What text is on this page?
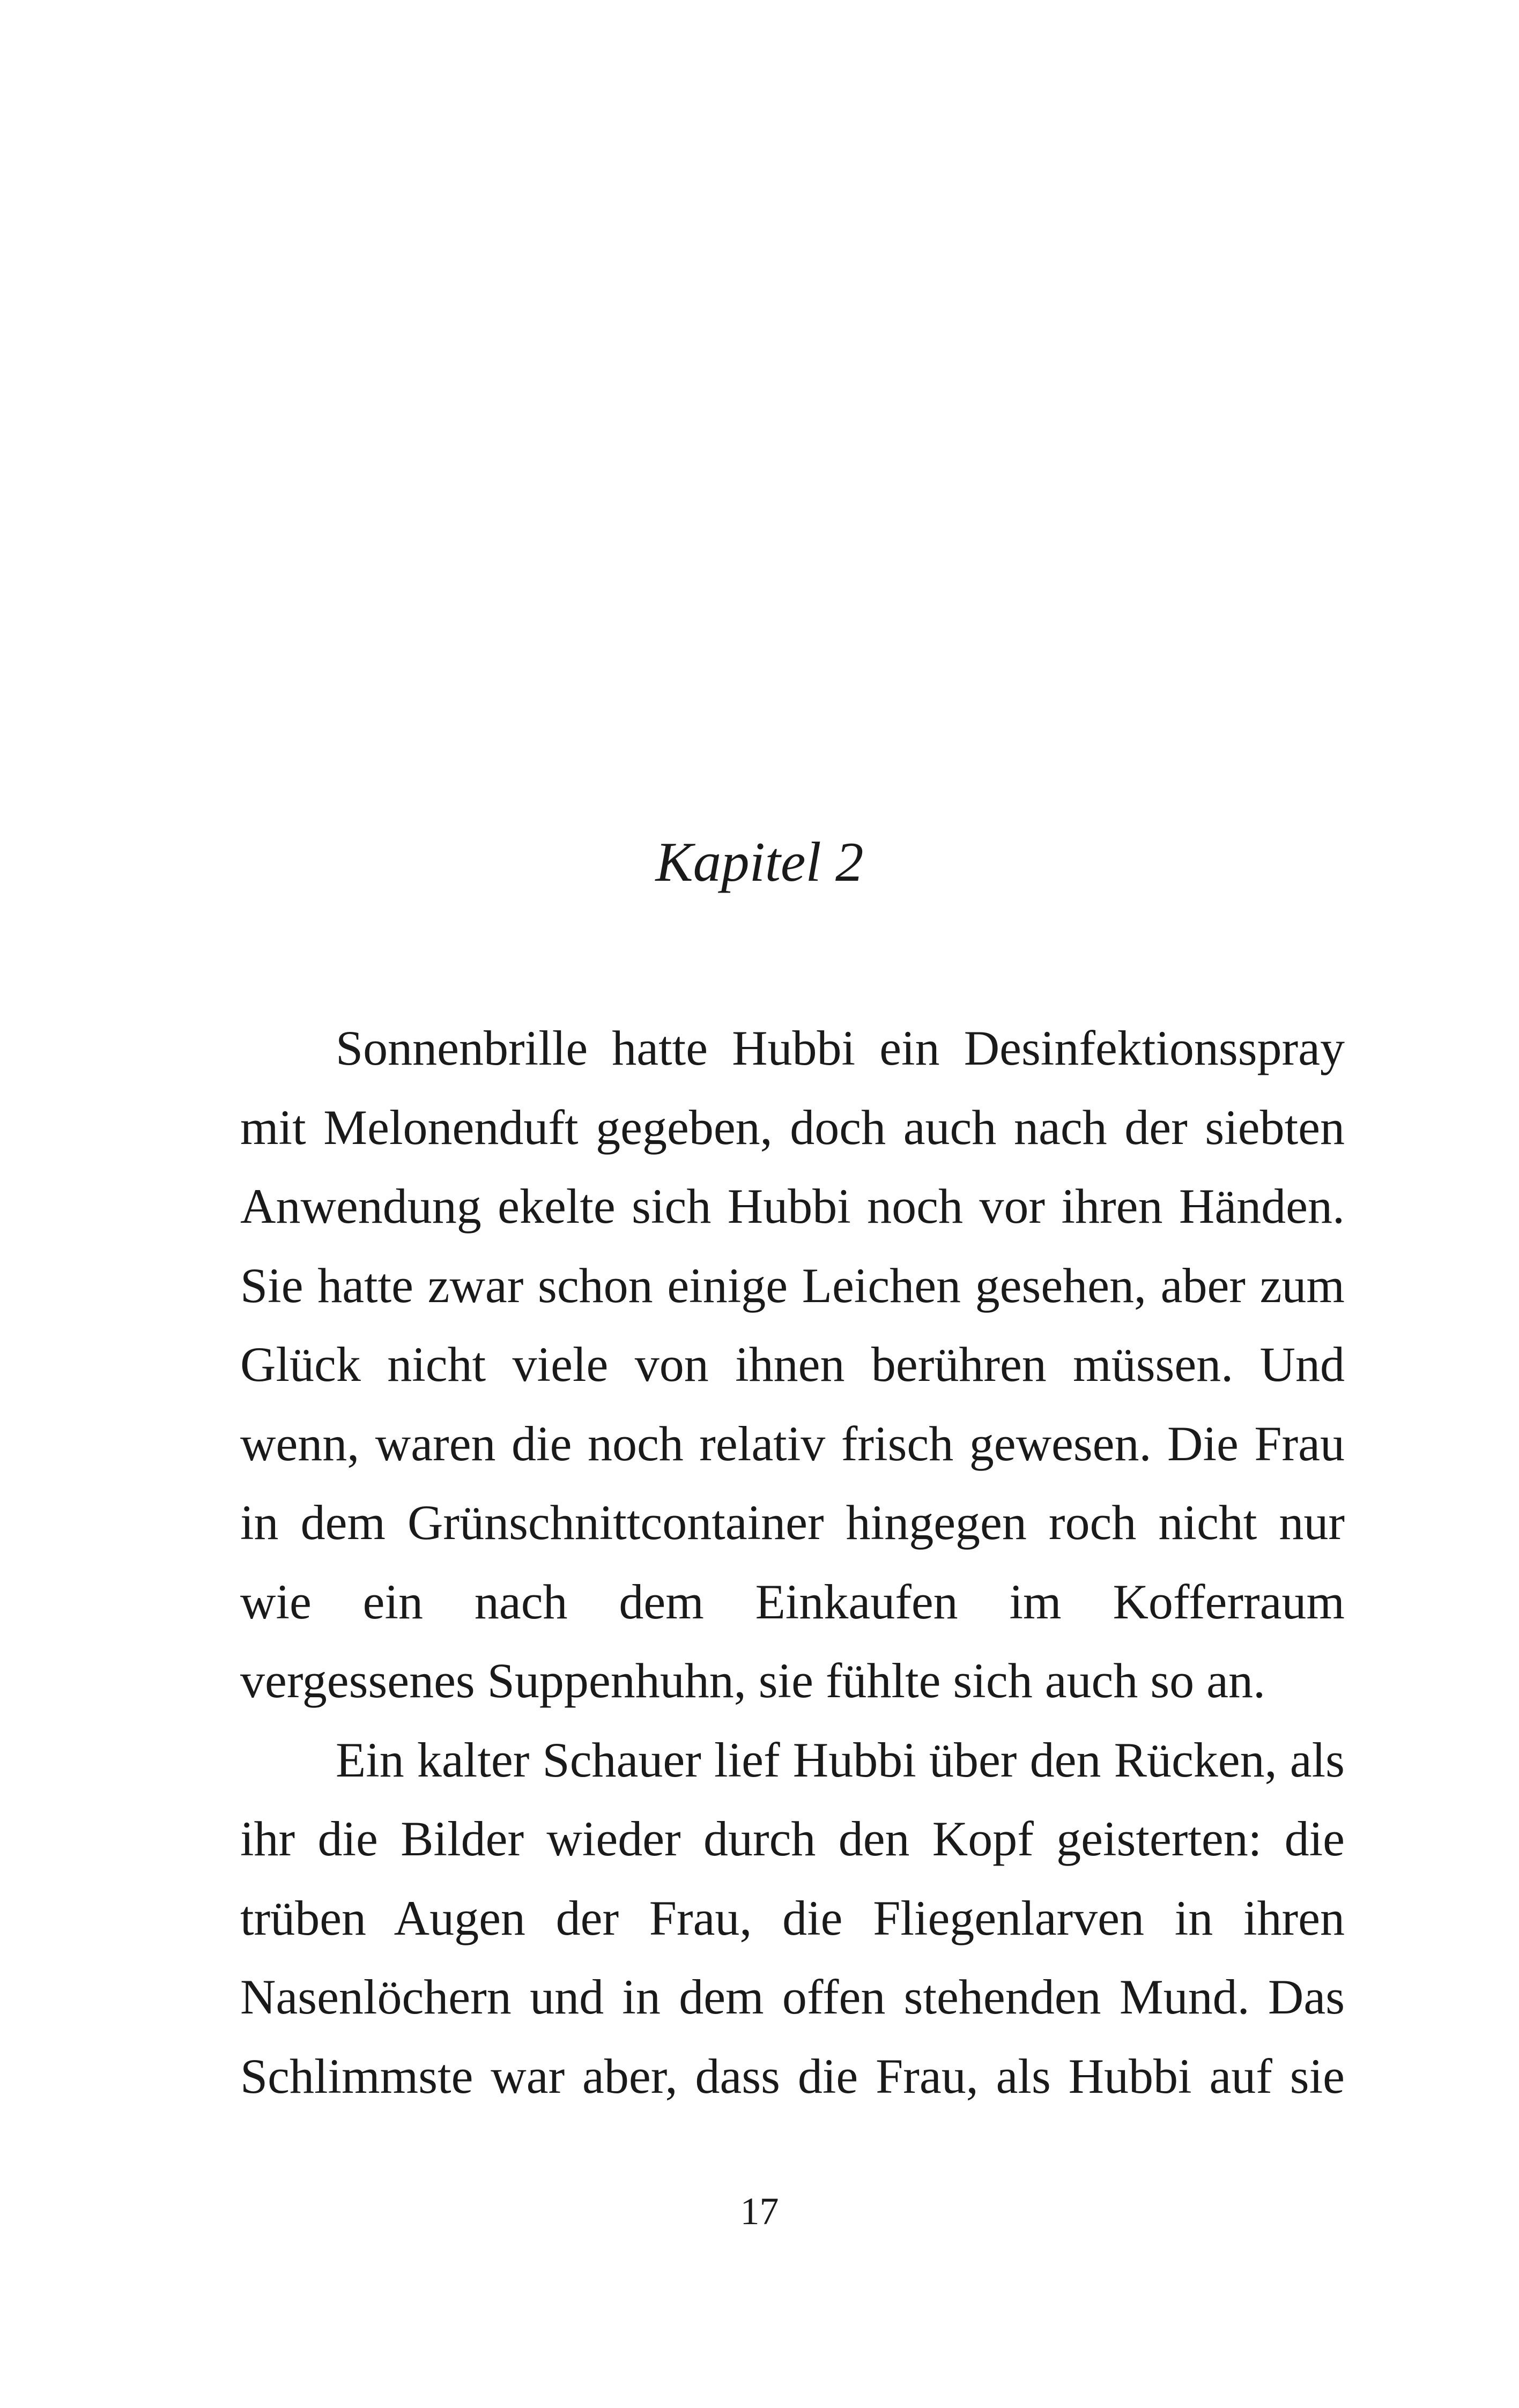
Kapitel 2
Sonnenbrille hatte Hubbi ein Desinfektionsspray
mit Melonenduft gegeben, doch auch nach der siebten
Anwendung ekelte sich Hubbi noch vor ihren Händen.
Sie hatte zwar schon einige Leichen gesehen, aber zum
Glück nicht viele von ihnen berühren müssen. Und
wenn, waren die noch relativ frisch gewesen. Die Frau
in dem Grünschnittcontainer hingegen roch nicht nur
wie ein nach dem Einkaufen im Kofferraum
vergessenes Suppenhuhn, sie fühlte sich auch so an.
Ein kalter Schauer lief Hubbi über den Rücken, als
ihr die Bilder wieder durch den Kopf geisterten: die
trüben Augen der Frau, die Fliegenlarven in ihren
Nasenlöchern und in dem offen stehenden Mund. Das
Schlimmste war aber, dass die Frau, als Hubbi auf sie
17
